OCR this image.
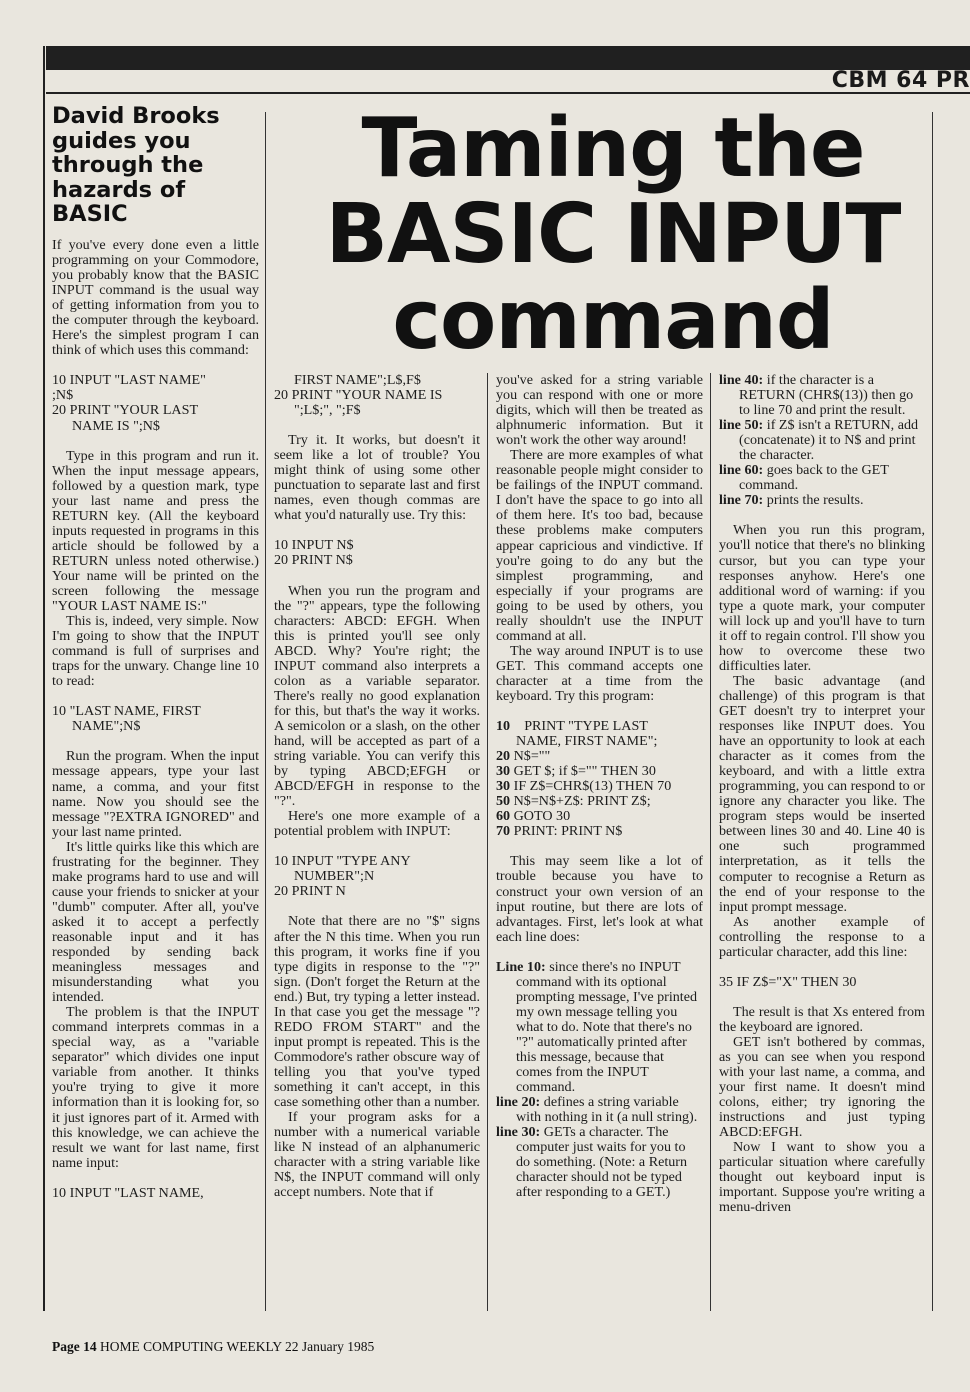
CBM 64 PR
Taming the
BASIC INPUT
command
David Brooks guides you through the hazards of BASIC

If you've every done even a little programming on your Commodore, you probably know that the BASIC INPUT command is the usual way of getting information from you to the computer through the keyboard. Here's the simplest program I can think of which uses this command:

10 INPUT "LAST NAME"
;N$
20 PRINT "YOUR LAST
NAME IS ";N$

Type in this program and run it. When the input message appears, followed by a question mark, type your last name and press the RETURN key. (All the keyboard inputs requested in programs in this article should be followed by a RETURN unless noted otherwise.) Your name will be printed on the screen following the message "YOUR LAST NAME IS:"

This is, indeed, very simple. Now I'm going to show that the INPUT command is full of surprises and traps for the unwary. Change line 10 to read:

10 "LAST NAME, FIRST
NAME";N$

Run the program. When the input message appears, type your last name, a comma, and your fitst name. Now you should see the message "?EXTRA IGNORED" and your last name printed.

It's little quirks like this which are frustrating for the beginner. They make programs hard to use and will cause your friends to snicker at your "dumb" computer. After all, you've asked it to accept a perfectly reasonable input and it has responded by sending back meaningless messages and misunderstanding what you intended.

The problem is that the INPUT command interprets commas in a special way, as a "variable separator" which divides one input variable from another. It thinks you're trying to give it more information than it is looking for, so it just ignores part of it. Armed with this knowledge, we can achieve the result we want for last name, first name input:

10 INPUT "LAST NAME,
FIRST NAME";L$,F$
20 PRINT "YOUR NAME IS
";L$;", ";F$

Try it. It works, but doesn't it seem like a lot of trouble? You might think of using some other punctuation to separate last and first names, even though commas are what you'd naturally use. Try this:

10 INPUT N$
20 PRINT N$

When you run the program and the "?" appears, type the following characters: ABCD: EFGH. When this is printed you'll see only ABCD. Why? You're right; the INPUT command also interprets a colon as a variable separator. There's really no good explanation for this, but that's the way it works. A semicolon or a slash, on the other hand, will be accepted as part of a string variable. You can verify this by typing ABCD;EFGH or ABCD/EFGH in response to the "?".

Here's one more example of a potential problem with INPUT:

10 INPUT "TYPE ANY
NUMBER";N
20 PRINT N

Note that there are no "$" signs after the N this time. When you run this program, it works fine if you type digits in response to the "?" sign. (Don't forget the Return at the end.) But, try typing a letter instead. In that case you get the message "?REDO FROM START" and the input prompt is repeated. This is the Commodore's rather obscure way of telling you that you've typed something it can't accept, in this case something other than a number.

If your program asks for a number with a numerical variable like N instead of an alphanumeric character with a string variable like N$, the INPUT command will only accept numbers. Note that if

you've asked for a string variable you can respond with one or more digits, which will then be treated as alphnumeric information. But it won't work the other way around!

There are more examples of what reasonable people might consider to be failings of the INPUT command. I don't have the space to go into all of them here. It's too bad, because these problems make computers appear capricious and vindictive. If you're going to do any but the simplest programming, and especially if your programs are going to be used by others, you really shouldn't use the INPUT command at all.

The way around INPUT is to use GET. This command accepts one character at a time from the keyboard. Try this program:

10 PRINT "TYPE LAST
NAME, FIRST NAME";
20 N$=""
30 GET $; if $="" THEN 30
30 IF Z$=CHR$(13) THEN 70
50 N$=N$+Z$: PRINT Z$;
60 GOTO 30
70 PRINT: PRINT N$

This may seem like a lot of trouble because you have to construct your own version of an input routine, but there are lots of advantages. First, let's look at what each line does:

Line 10: since there's no INPUT command with its optional prompting message, I've printed my own message telling you what to do. Note that there's no "?" automatically printed after this message, because that comes from the INPUT command.
line 20: defines a string variable with nothing in it (a null string).
line 30: GETs a character. The computer just waits for you to do something. (Note: a Return character should not be typed after responding to a GET.)
line 40: if the character is a RETURN (CHR$(13)) then go to line 70 and print the result.
line 50: if Z$ isn't a RETURN, add (concatenate) it to N$ and print the character.
line 60: goes back to the GET command.
line 70: prints the results.

When you run this program, you'll notice that there's no blinking cursor, but you can type your responses anyhow. Here's one additional word of warning: if you type a quote mark, your computer will lock up and you'll have to turn it off to regain control. I'll show you how to overcome these two difficulties later.

The basic advantage (and challenge) of this program is that GET doesn't try to interpret your responses like INPUT does. You have an opportunity to look at each character as it comes from the keyboard, and with a little extra programming, you can respond to or ignore any character you like. The program steps would be inserted between lines 30 and 40. Line 40 is one such programmed interpretation, as it tells the computer to recognise a Return as the end of your response to the input prompt message.

As another example of controlling the response to a particular character, add this line:

35 IF Z$="X" THEN 30

The result is that Xs entered from the keyboard are ignored.

GET isn't bothered by commas, as you can see when you respond with your last name, a comma, and your first name. It doesn't mind colons, either; try ignoring the instructions and just typing ABCD:EFGH.

Now I want to show you a particular situation where carefully thought out keyboard input is important. Suppose you're writing a menu-driven

Page 14 HOME COMPUTING WEEKLY 22 January 1985
